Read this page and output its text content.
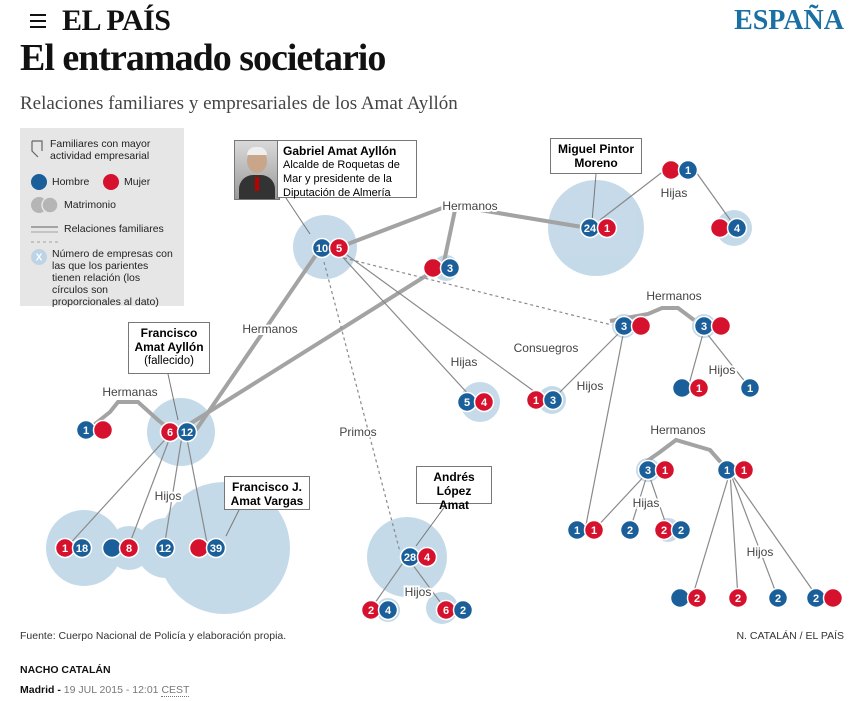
EL PAÍS	ESPAÑA
El entramado societario
Relaciones familiares y empresariales de los Amat Ayllón
10 5
3
24 1
1
4
5 4	1 3
1	6 12
3	3
1	1
1 18	8 12	39
28 4
2 4	6 2
3 1	1 1
1 1	2	2 2
2	2	2	2
Hermanos
Hermanos
Hermanas
Hijas
Hijas
Hijos
Hijos
Hijos
Hijos
Hijas
Hijos
Primos
Consuegros
Hermanos
Hermanos
Familiares con mayor actividad empresarial
Hombre	Mujer
Matrimonio
Relaciones familiares
X Número de empresas con las que los parientes tienen relación (los círculos son proporcionales al dato)
Gabriel Amat Ayllón
Alcalde de Roquetas de Mar y presidente de la Diputación de Almería
Miguel Pintor Moreno
Francisco Amat Ayllón
(fallecido)
Francisco J. Amat Vargas
Andrés López Amat
Fuente: Cuerpo Nacional de Policía y elaboración propia.	N. CATALÁN / EL PAÍS
NACHO CATALÁN
Madrid - 19 JUL 2015 - 12:01 CEST
